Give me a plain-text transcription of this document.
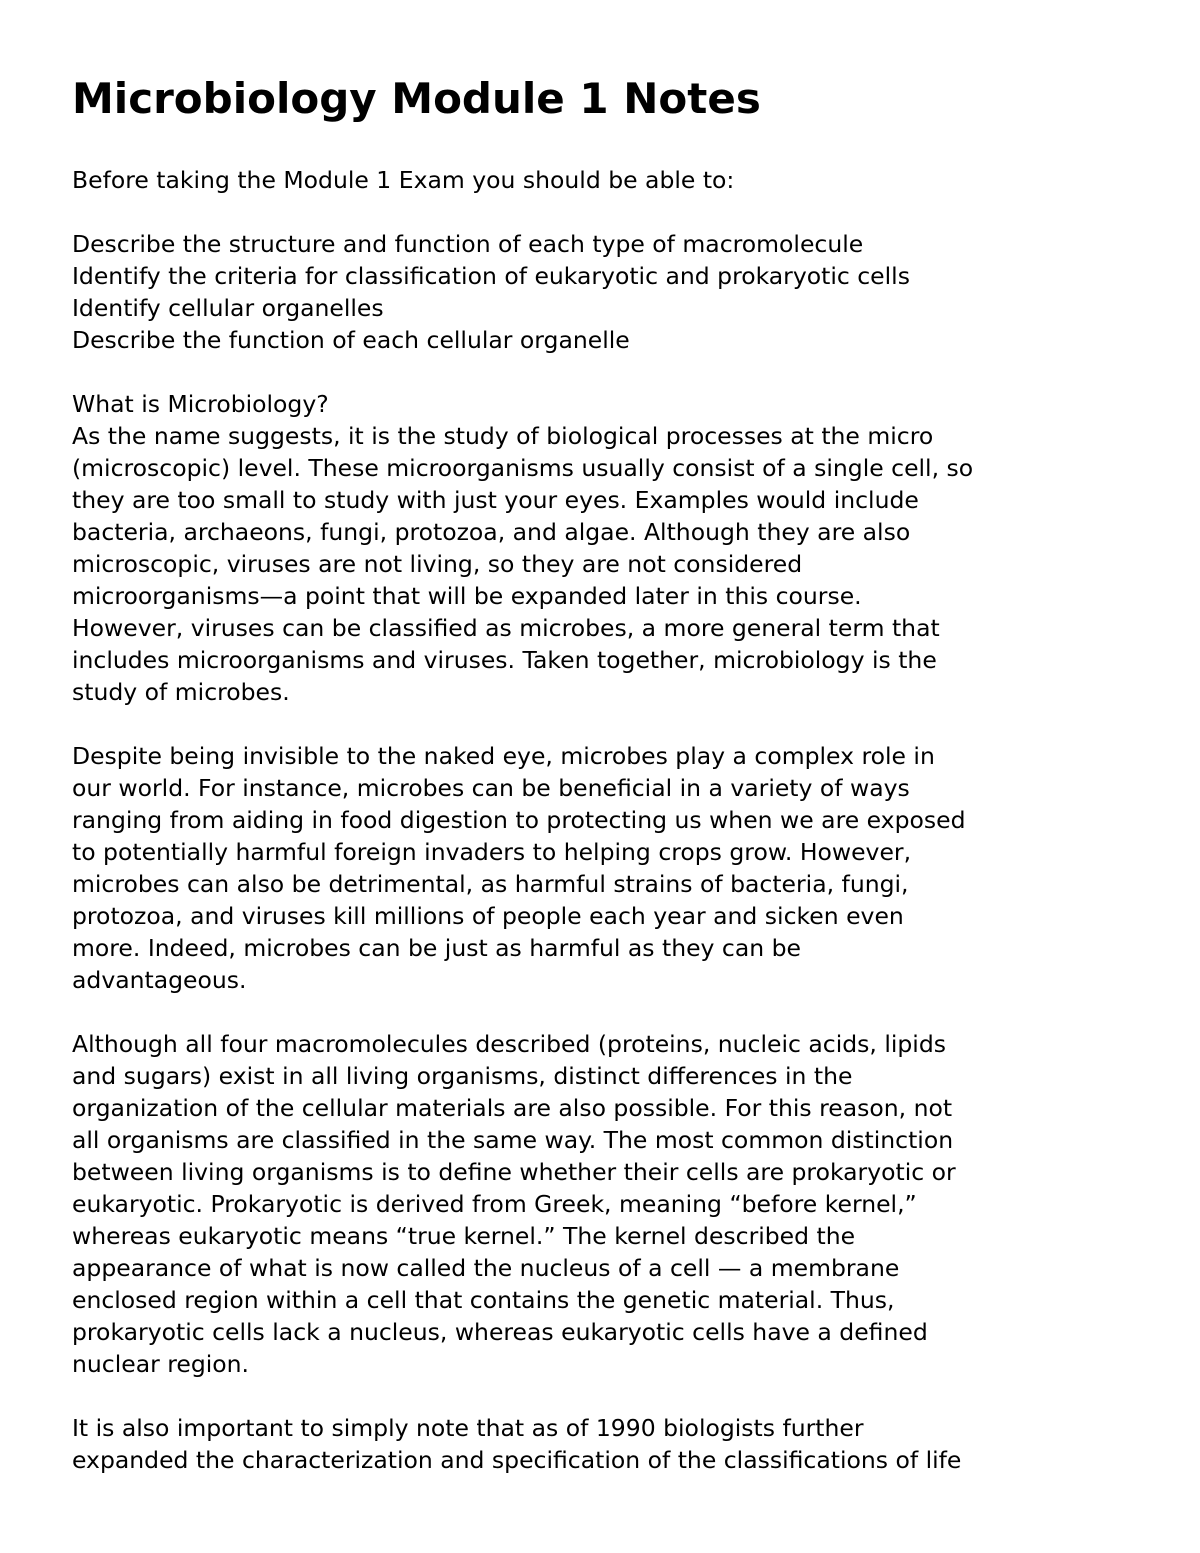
Microbiology Module 1 Notes
Before taking the Module 1 Exam you should be able to:
Describe the structure and function of each type of macromolecule
Identify the criteria for classification of eukaryotic and prokaryotic cells
Identify cellular organelles
Describe the function of each cellular organelle
What is Microbiology?
As the name suggests, it is the study of biological processes at the micro
(microscopic) level. These microorganisms usually consist of a single cell, so
they are too small to study with just your eyes. Examples would include
bacteria, archaeons, fungi, protozoa, and algae. Although they are also
microscopic, viruses are not living, so they are not considered
microorganisms—a point that will be expanded later in this course.
However, viruses can be classified as microbes, a more general term that
includes microorganisms and viruses. Taken together, microbiology is the
study of microbes.
Despite being invisible to the naked eye, microbes play a complex role in
our world. For instance, microbes can be beneficial in a variety of ways
ranging from aiding in food digestion to protecting us when we are exposed
to potentially harmful foreign invaders to helping crops grow. However,
microbes can also be detrimental, as harmful strains of bacteria, fungi,
protozoa, and viruses kill millions of people each year and sicken even
more. Indeed, microbes can be just as harmful as they can be
advantageous.
Although all four macromolecules described (proteins, nucleic acids, lipids
and sugars) exist in all living organisms, distinct differences in the
organization of the cellular materials are also possible. For this reason, not
all organisms are classified in the same way. The most common distinction
between living organisms is to define whether their cells are prokaryotic or
eukaryotic. Prokaryotic is derived from Greek, meaning “before kernel,”
whereas eukaryotic means “true kernel.” The kernel described the
appearance of what is now called the nucleus of a cell — a membrane
enclosed region within a cell that contains the genetic material. Thus,
prokaryotic cells lack a nucleus, whereas eukaryotic cells have a defined
nuclear region.
It is also important to simply note that as of 1990 biologists further
expanded the characterization and specification of the classifications of life
